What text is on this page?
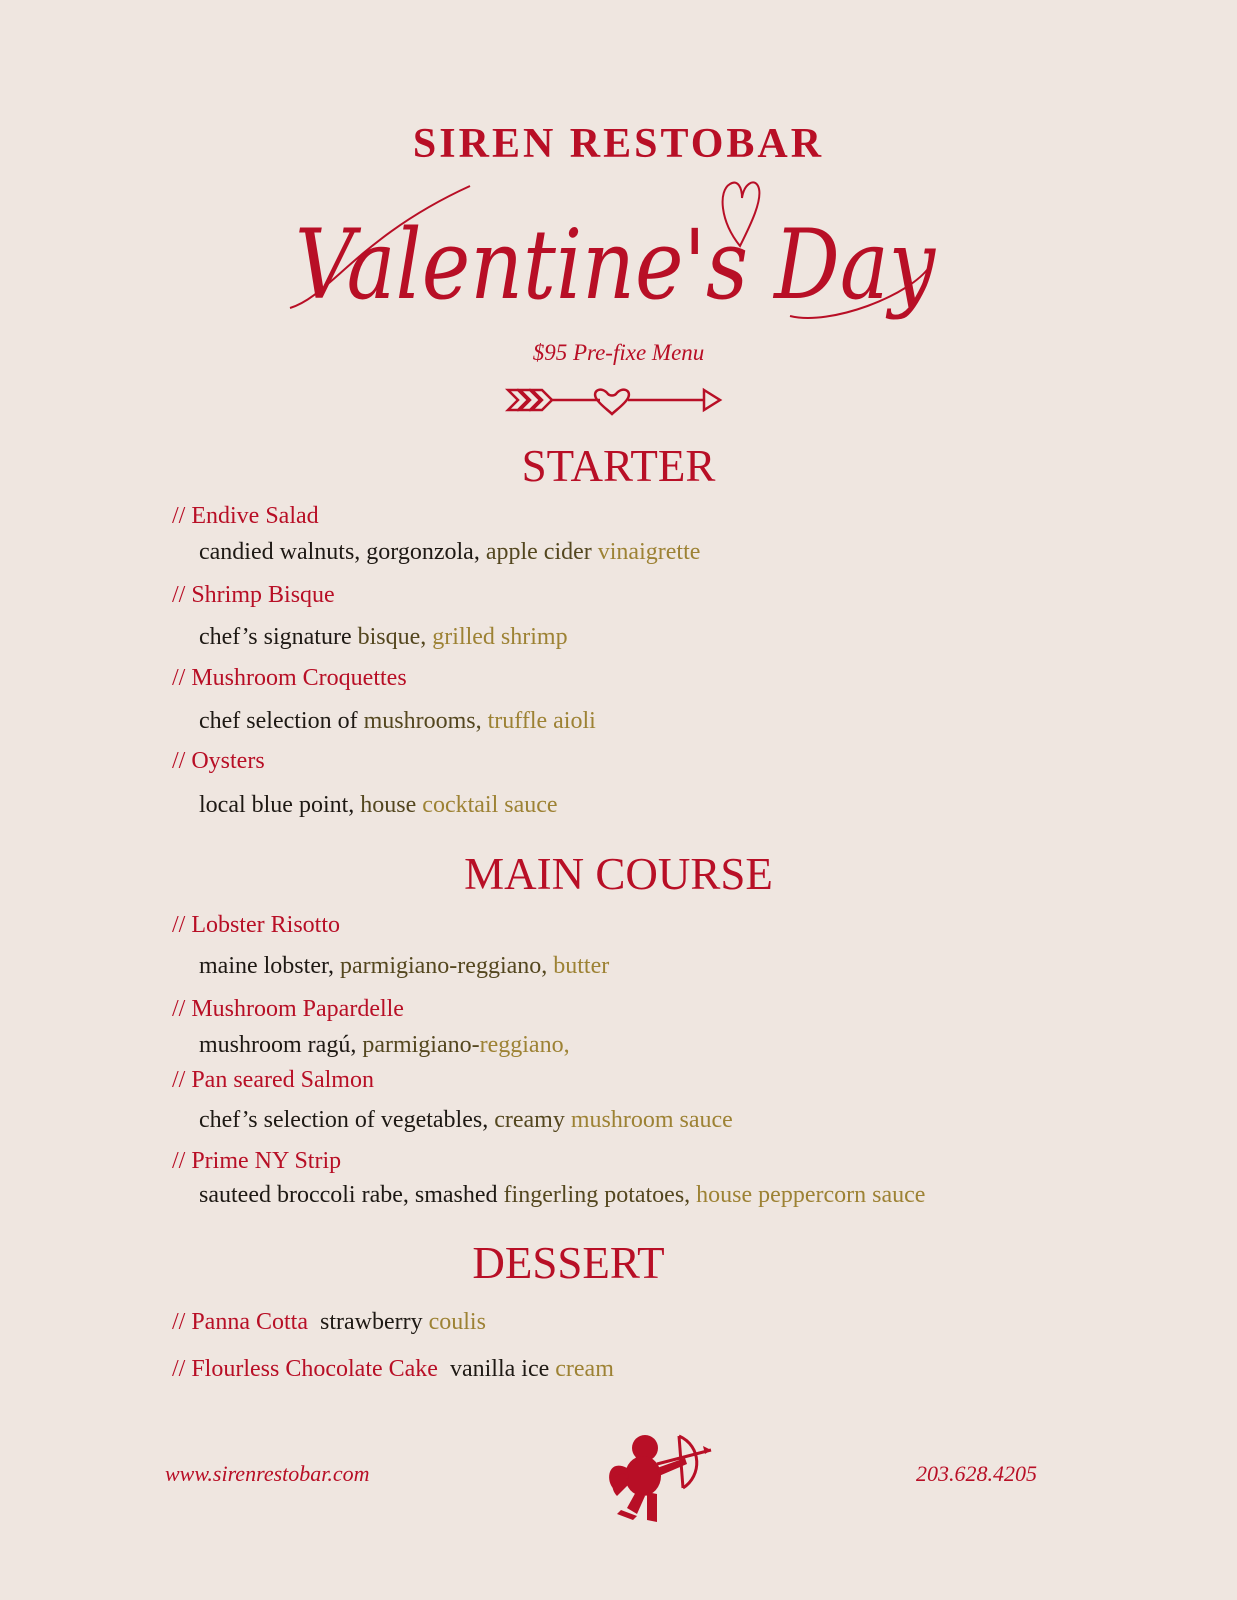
SIREN RESTOBAR
Valentine's Day
$95 Pre-fixe Menu
STARTER
// Endive Salad
candied walnuts, gorgonzola, apple cider vinaigrette
// Shrimp Bisque
chef’s signature bisque, grilled shrimp
// Mushroom Croquettes
chef selection of mushrooms, truffle aioli
// Oysters
local blue point, house cocktail sauce
MAIN COURSE
// Lobster Risotto
maine lobster, parmigiano-reggiano, butter
// Mushroom Papardelle
mushroom ragú, parmigiano-reggiano,
// Pan seared Salmon
chef’s selection of vegetables, creamy mushroom sauce
// Prime NY Strip
sauteed broccoli rabe, smashed fingerling potatoes, house peppercorn sauce
DESSERT
// Panna Cotta strawberry coulis
// Flourless Chocolate Cake vanilla ice cream
www.sirenrestobar.com	203.628.4205
